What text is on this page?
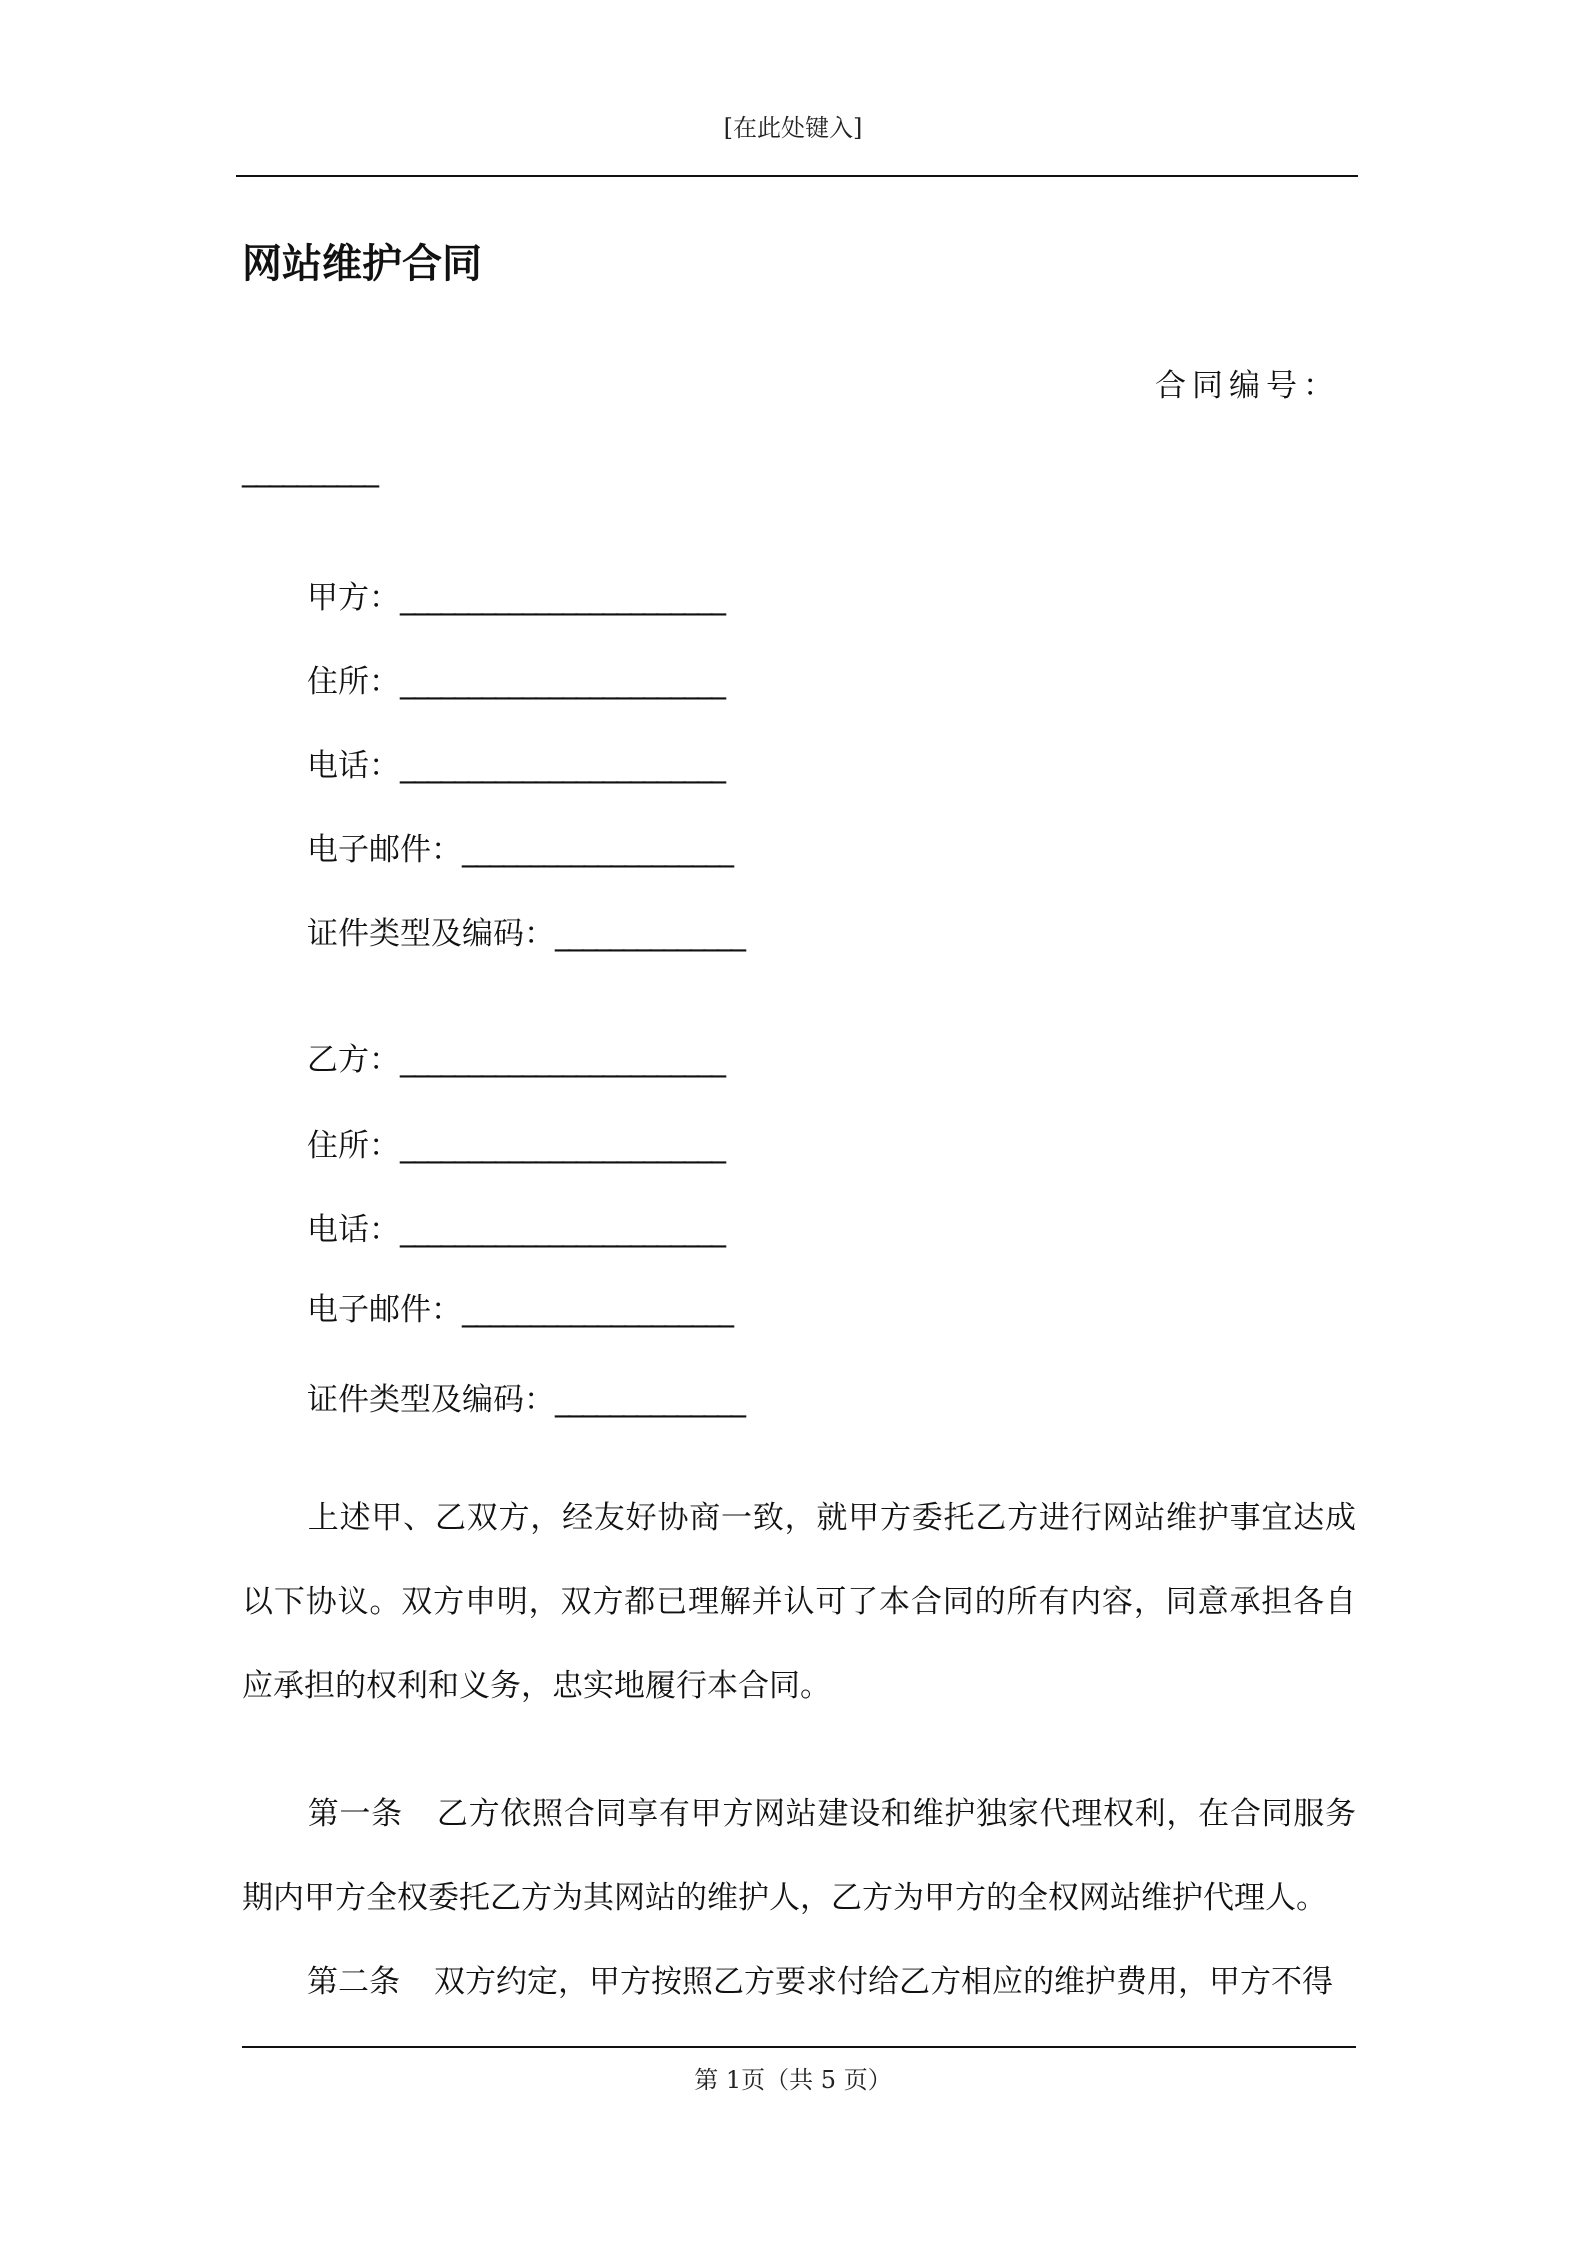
[在此处键入]
网站维护合同
合同编号：
__________
甲方：________________________
住所：________________________
电话：________________________
电子邮件：____________________
证件类型及编码：______________
乙方：________________________
住所：________________________
电话：________________________
电子邮件：____________________
证件类型及编码：______________
上述甲、乙双方，经友好协商一致，就甲方委托乙方进行网站维护事宜达成以下协议。双方申明，双方都已理解并认可了本合同的所有内容，同意承担各自应承担的权利和义务，忠实地履行本合同。
第一条 乙方依照合同享有甲方网站建设和维护独家代理权利，在合同服务期内甲方全权委托乙方为其网站的维护人，乙方为甲方的全权网站维护代理人。
第二条 双方约定，甲方按照乙方要求付给乙方相应的维护费用，甲方不得
第 1页（共 5 页）
